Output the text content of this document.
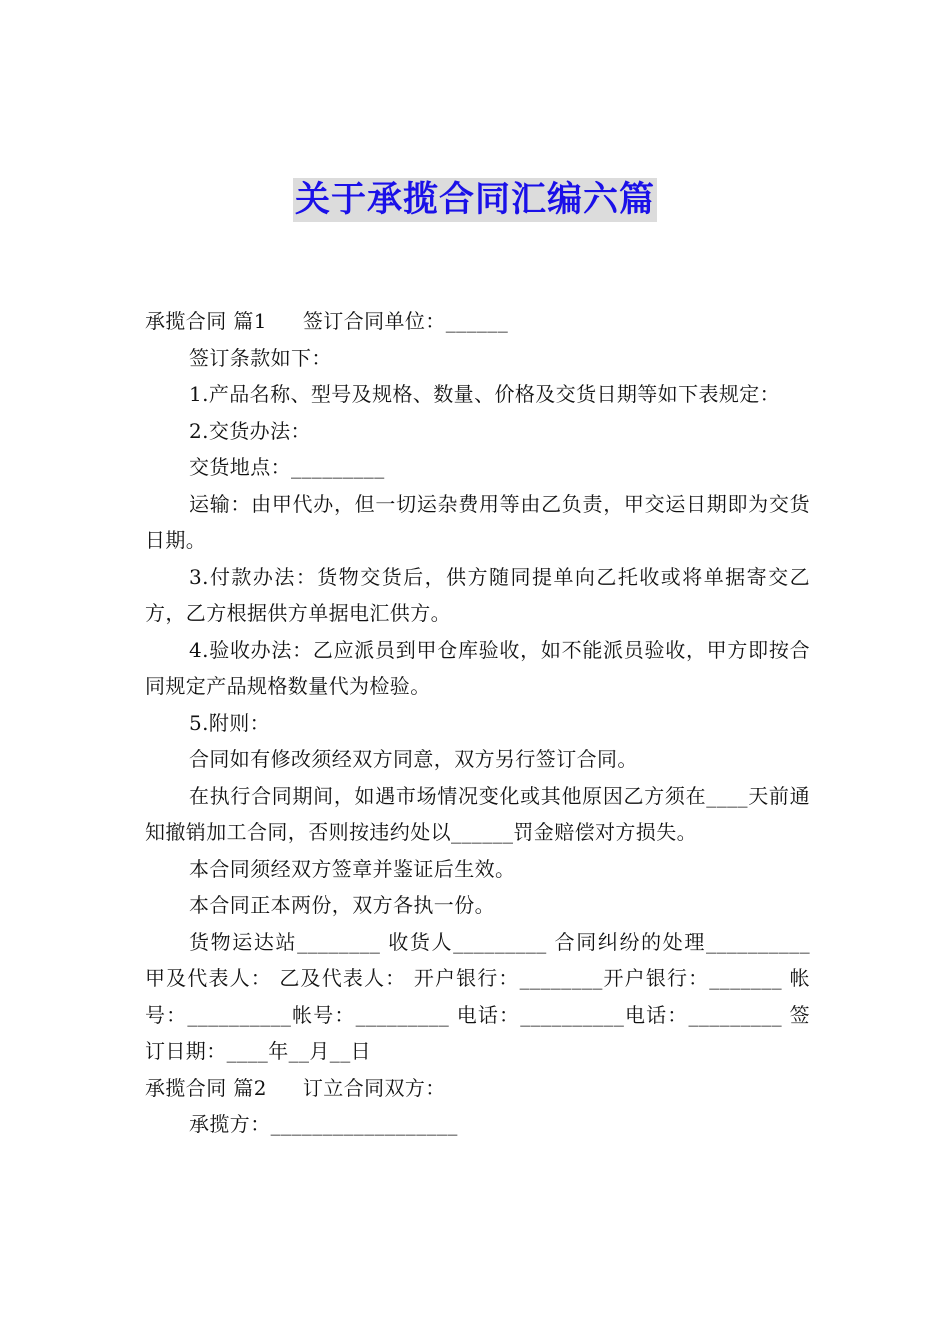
关于承揽合同汇编六篇

承揽合同 篇1 签订合同单位：______

签订条款如下：

1.产品名称、型号及规格、数量、价格及交货日期等如下表规定：

2.交货办法：

交货地点：_________

运输：由甲代办，但一切运杂费用等由乙负责，甲交运日期即为交货日期。

3.付款办法：货物交货后，供方随同提单向乙托收或将单据寄交乙方，乙方根据供方单据电汇供方。

4.验收办法：乙应派员到甲仓库验收，如不能派员验收，甲方即按合同规定产品规格数量代为检验。

5.附则：

合同如有修改须经双方同意，双方另行签订合同。

在执行合同期间，如遇市场情况变化或其他原因乙方须在____天前通知撤销加工合同，否则按违约处以______罚金赔偿对方损失。

本合同须经双方签章并鉴证后生效。

本合同正本两份，双方各执一份。

货物运达站________ 收货人_________ 合同纠纷的处理__________ 甲及代表人： 乙及代表人： 开户银行：________开户银行：_______ 帐号：__________帐号：_________ 电话：__________电话：_________ 签订日期：____年__月__日

承揽合同 篇2 订立合同双方：

承揽方：__________________
